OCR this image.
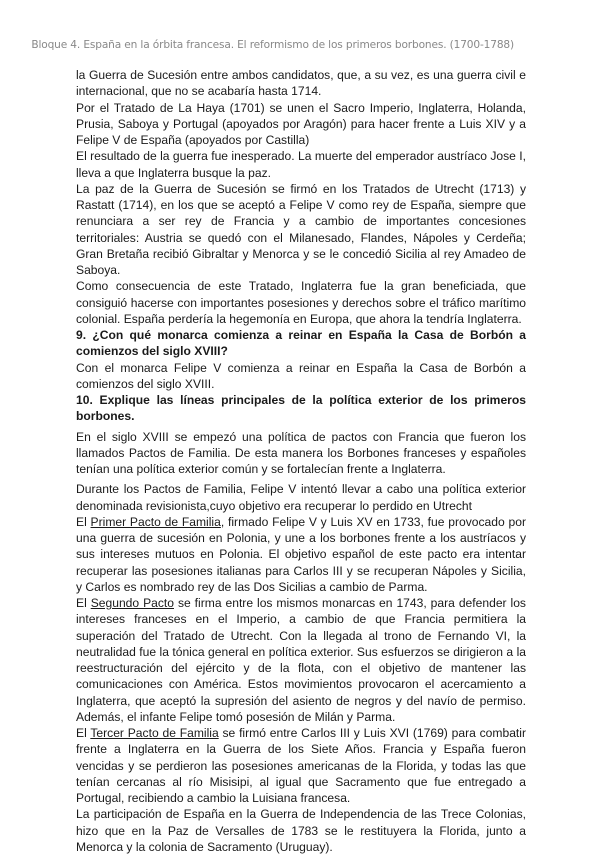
Bloque 4. España en la órbita francesa. El reformismo de los primeros borbones. (1700-1788)

la Guerra de Sucesión entre ambos candidatos, que, a su vez, es una guerra civil e internacional, que no se acabaría hasta 1714.

Por el Tratado de La Haya (1701) se unen el Sacro Imperio, Inglaterra, Holanda, Prusia, Saboya y Portugal (apoyados por Aragón) para hacer frente a Luis XIV y a Felipe V de España (apoyados por Castilla)

El resultado de la guerra fue inesperado. La muerte del emperador austríaco Jose I, lleva a que Inglaterra busque la paz.

La paz de la Guerra de Sucesión se firmó en los Tratados de Utrecht (1713) y Rastatt (1714), en los que se aceptó a Felipe V como rey de España, siempre que renunciara a ser rey de Francia y a cambio de importantes concesiones territoriales: Austria se quedó con el Milanesado, Flandes, Nápoles y Cerdeña; Gran Bretaña recibió Gibraltar y Menorca y se le concedió Sicilia al rey Amadeo de Saboya.

Como consecuencia de este Tratado, Inglaterra fue la gran beneficiada, que consiguió hacerse con importantes posesiones y derechos sobre el tráfico marítimo colonial. España perdería la hegemonía en Europa, que ahora la tendría Inglaterra.

9. ¿Con qué monarca comienza a reinar en España la Casa de Borbón a comienzos del siglo XVIII?

Con el monarca Felipe V comienza a reinar en España la Casa de Borbón a comienzos del siglo XVIII.

10. Explique las líneas principales de la política exterior de los primeros borbones.

En el siglo XVIII se empezó una política de pactos con Francia que fueron los llamados Pactos de Familia. De esta manera los Borbones franceses y españoles tenían una política exterior común y se fortalecían frente a Inglaterra.

Durante los Pactos de Familia, Felipe V intentó llevar a cabo una política exterior denominada revisionista,cuyo objetivo era recuperar lo perdido en Utrecht

El Primer Pacto de Familia, firmado Felipe V y Luis XV en 1733, fue provocado por una guerra de sucesión en Polonia, y une a los borbones frente a los austríacos y sus intereses mutuos en Polonia. El objetivo español de este pacto era intentar recuperar las posesiones italianas para Carlos III y se recuperan Nápoles y Sicilia, y Carlos es nombrado rey de las Dos Sicilias a cambio de Parma.

El Segundo Pacto se firma entre los mismos monarcas en 1743, para defender los intereses franceses en el Imperio, a cambio de que Francia permitiera la superación del Tratado de Utrecht. Con la llegada al trono de Fernando VI, la neutralidad fue la tónica general en política exterior. Sus esfuerzos se dirigieron a la reestructuración del ejército y de la flota, con el objetivo de mantener las comunicaciones con América. Estos movimientos provocaron el acercamiento a Inglaterra, que aceptó la supresión del asiento de negros y del navío de permiso. Además, el infante Felipe tomó posesión de Milán y Parma.

El Tercer Pacto de Familia se firmó entre Carlos III y Luis XVI (1769) para combatir frente a Inglaterra en la Guerra de los Siete Años. Francia y España fueron vencidas y se perdieron las posesiones americanas de la Florida, y todas las que tenían cercanas al río Misisipi, al igual que Sacramento que fue entregado a Portugal, recibiendo a cambio la Luisiana francesa.

La participación de España en la Guerra de Independencia de las Trece Colonias, hizo que en la Paz de Versalles de 1783 se le restituyera la Florida, junto a Menorca y la colonia de Sacramento (Uruguay).
